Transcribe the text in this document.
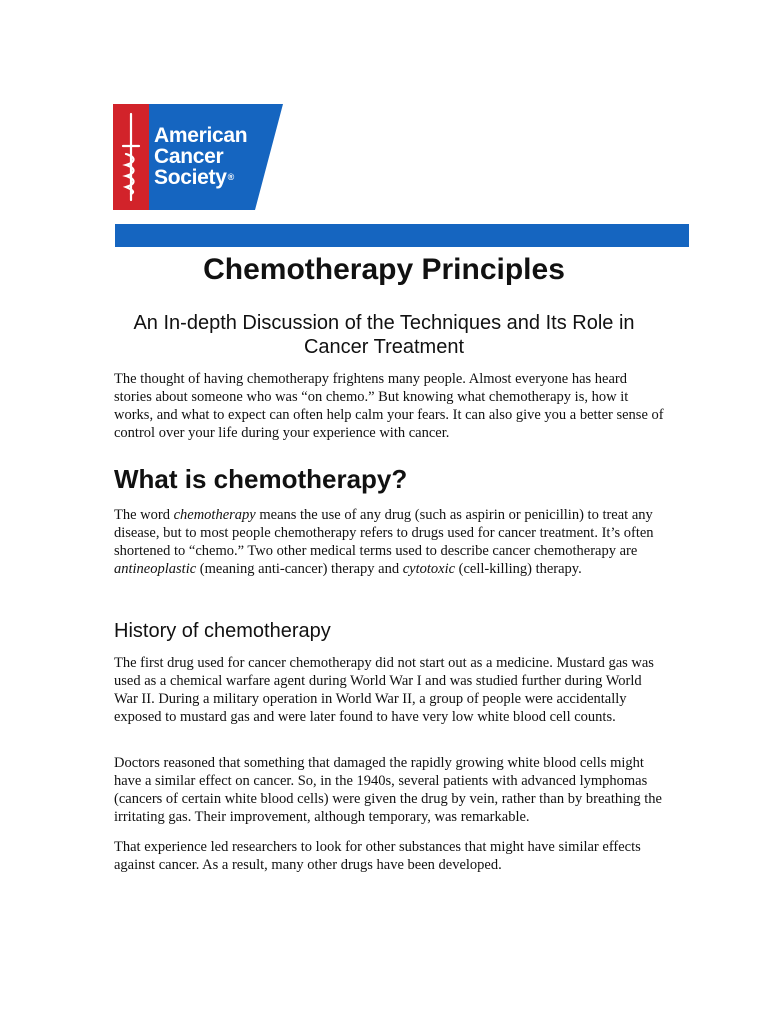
American
Cancer
Society®
Chemotherapy Principles
An In-depth Discussion of the Techniques and Its Role in Cancer Treatment

The thought of having chemotherapy frightens many people. Almost everyone has heard stories about someone who was “on chemo.” But knowing what chemotherapy is, how it works, and what to expect can often help calm your fears. It can also give you a better sense of control over your life during your experience with cancer.

What is chemotherapy?

The word chemotherapy means the use of any drug (such as aspirin or penicillin) to treat any disease, but to most people chemotherapy refers to drugs used for cancer treatment. It’s often shortened to “chemo.” Two other medical terms used to describe cancer chemotherapy are antineoplastic (meaning anti-cancer) therapy and cytotoxic (cell-killing) therapy.

History of chemotherapy

The first drug used for cancer chemotherapy did not start out as a medicine. Mustard gas was used as a chemical warfare agent during World War I and was studied further during World War II. During a military operation in World War II, a group of people were accidentally exposed to mustard gas and were later found to have very low white blood cell counts.

Doctors reasoned that something that damaged the rapidly growing white blood cells might have a similar effect on cancer. So, in the 1940s, several patients with advanced lymphomas (cancers of certain white blood cells) were given the drug by vein, rather than by breathing the irritating gas. Their improvement, although temporary, was remarkable.

That experience led researchers to look for other substances that might have similar effects against cancer. As a result, many other drugs have been developed.
